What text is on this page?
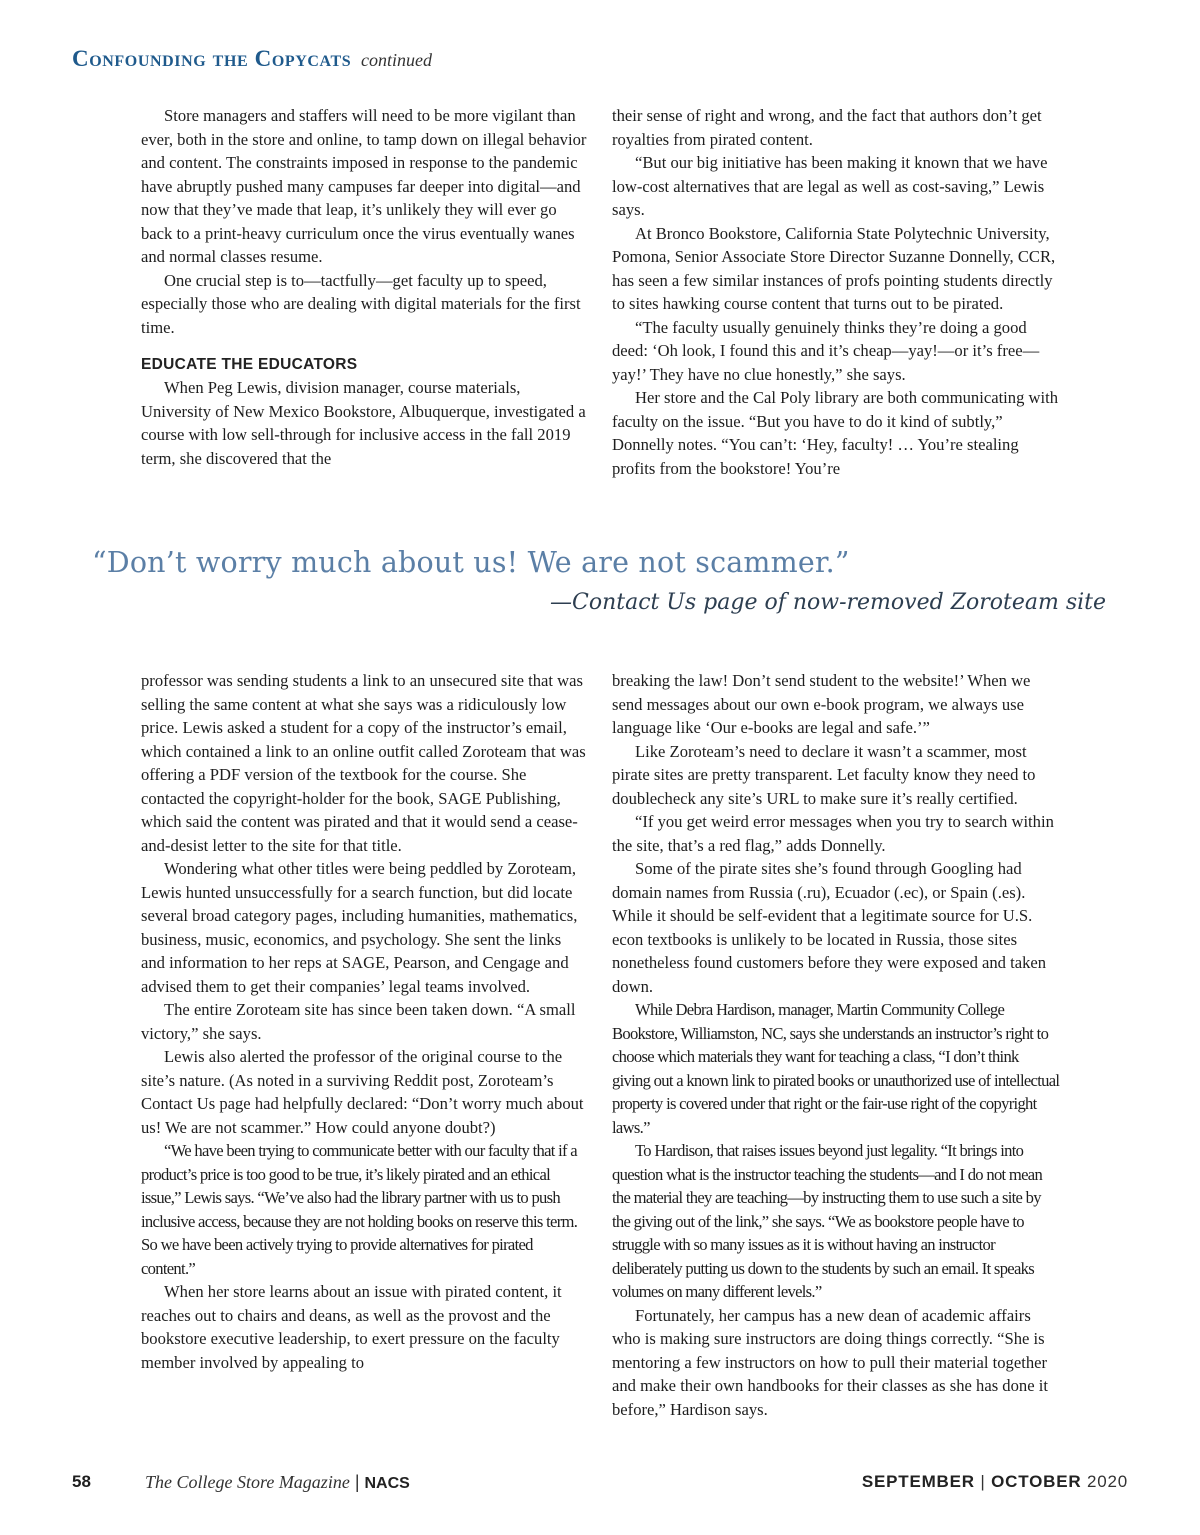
Confounding the Copycats continued

Store managers and staffers will need to be more vigilant than ever, both in the store and online, to tamp down on illegal behavior and content. The constraints imposed in response to the pandemic have abruptly pushed many campuses far deeper into digital—and now that they’ve made that leap, it’s unlikely they will ever go back to a print-heavy curriculum once the virus eventually wanes and normal classes resume.

One crucial step is to—tactfully—get faculty up to speed, especially those who are dealing with digital materials for the first time.

EDUCATE THE EDUCATORS

When Peg Lewis, division manager, course materials, University of New Mexico Bookstore, Albuquerque, investigated a course with low sell-through for inclusive access in the fall 2019 term, she discovered that the

their sense of right and wrong, and the fact that authors don’t get royalties from pirated content.

“But our big initiative has been making it known that we have low-cost alternatives that are legal as well as cost-saving,” Lewis says.

At Bronco Bookstore, California State Polytechnic University, Pomona, Senior Associate Store Director Suzanne Donnelly, CCR, has seen a few similar instances of profs pointing students directly to sites hawking course content that turns out to be pirated.

“The faculty usually genuinely thinks they’re doing a good deed: ‘Oh look, I found this and it’s cheap—yay!—or it’s free—yay!’ They have no clue honestly,” she says.

Her store and the Cal Poly library are both communicating with faculty on the issue. “But you have to do it kind of subtly,” Donnelly notes. “You can’t: ‘Hey, faculty! … You’re stealing profits from the bookstore! You’re

“Don’t worry much about us! We are not scammer.”
—Contact Us page of now-removed Zoroteam site

professor was sending students a link to an unsecured site that was selling the same content at what she says was a ridiculously low price. Lewis asked a student for a copy of the instructor’s email, which contained a link to an online outfit called Zoroteam that was offering a PDF version of the textbook for the course. She contacted the copyright-holder for the book, SAGE Publishing, which said the content was pirated and that it would send a cease-and-desist letter to the site for that title.

Wondering what other titles were being peddled by Zoroteam, Lewis hunted unsuccessfully for a search function, but did locate several broad category pages, including humanities, mathematics, business, music, economics, and psychology. She sent the links and information to her reps at SAGE, Pearson, and Cengage and advised them to get their companies’ legal teams involved.

The entire Zoroteam site has since been taken down. “A small victory,” she says.

Lewis also alerted the professor of the original course to the site’s nature. (As noted in a surviving Reddit post, Zoroteam’s Contact Us page had helpfully declared: “Don’t worry much about us! We are not scammer.” How could anyone doubt?)

“We have been trying to communicate better with our faculty that if a product’s price is too good to be true, it’s likely pirated and an ethical issue,” Lewis says. “We’ve also had the library partner with us to push inclusive access, because they are not holding books on reserve this term. So we have been actively trying to provide alternatives for pirated content.”

When her store learns about an issue with pirated content, it reaches out to chairs and deans, as well as the provost and the bookstore executive leadership, to exert pressure on the faculty member involved by appealing to

breaking the law! Don’t send student to the website!’ When we send messages about our own e-book program, we always use language like ‘Our e-books are legal and safe.’”

Like Zoroteam’s need to declare it wasn’t a scammer, most pirate sites are pretty transparent. Let faculty know they need to doublecheck any site’s URL to make sure it’s really certified.

“If you get weird error messages when you try to search within the site, that’s a red flag,” adds Donnelly.

Some of the pirate sites she’s found through Googling had domain names from Russia (.ru), Ecuador (.ec), or Spain (.es). While it should be self-evident that a legitimate source for U.S. econ textbooks is unlikely to be located in Russia, those sites nonetheless found customers before they were exposed and taken down.

While Debra Hardison, manager, Martin Community College Bookstore, Williamston, NC, says she understands an instructor’s right to choose which materials they want for teaching a class, “I don’t think giving out a known link to pirated books or unauthorized use of intellectual property is covered under that right or the fair-use right of the copyright laws.”

To Hardison, that raises issues beyond just legality. “It brings into question what is the instructor teaching the students—and I do not mean the material they are teaching—by instructing them to use such a site by the giving out of the link,” she says. “We as bookstore people have to struggle with so many issues as it is without having an instructor deliberately putting us down to the students by such an email. It speaks volumes on many different levels.”

Fortunately, her campus has a new dean of academic affairs who is making sure instructors are doing things correctly. “She is mentoring a few instructors on how to pull their material together and make their own handbooks for their classes as she has done it before,” Hardison says.

58	The College Store Magazine | NACS	SEPTEMBER | OCTOBER 2020
